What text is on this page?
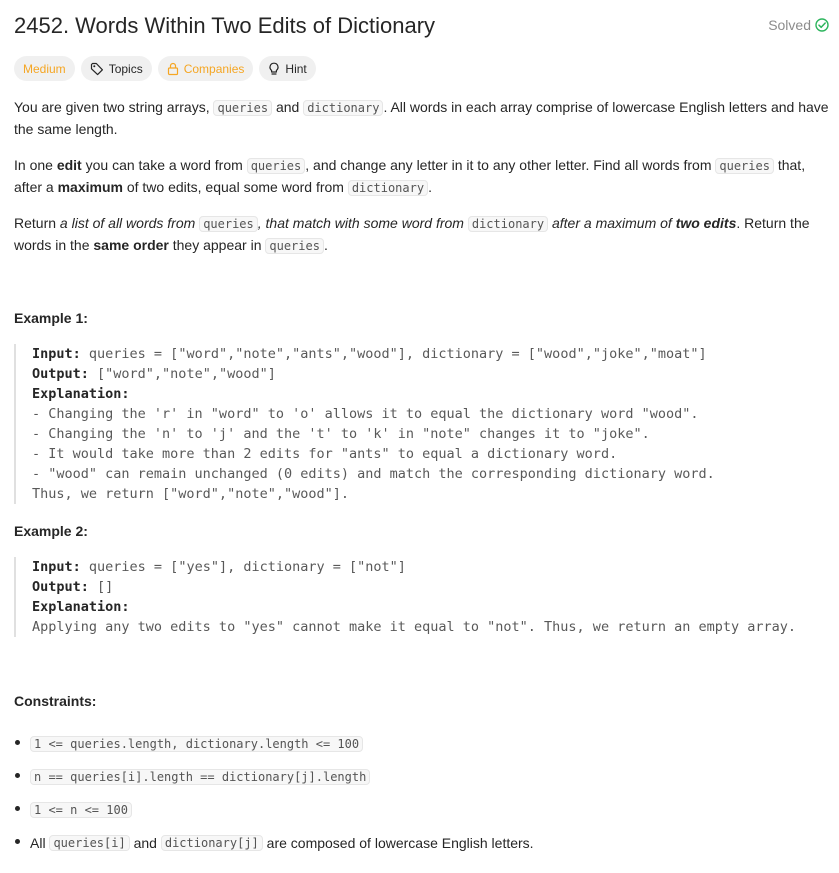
2452. Words Within Two Edits of Dictionary	Solved
Medium	Topics	Companies	Hint
You are given two string arrays, queries and dictionary . All words in each array comprise of lowercase English letters and have the same length.
In one edit you can take a word from queries , and change any letter in it to any other letter. Find all words from queries that, after a maximum of two edits, equal some word from dictionary .
Return a list of all words from queries , that match with some word from dictionary after a maximum of two edits. Return the words in the same order they appear in queries .
Example 1:
Input: queries = ["word","note","ants","wood"], dictionary = ["wood","joke","moat"]
Output: ["word","note","wood"]
Explanation:
- Changing the 'r' in "word" to 'o' allows it to equal the dictionary word "wood".
- Changing the 'n' to 'j' and the 't' to 'k' in "note" changes it to "joke".
- It would take more than 2 edits for "ants" to equal a dictionary word.
- "wood" can remain unchanged (0 edits) and match the corresponding dictionary word.
Thus, we return ["word","note","wood"].
Example 2:
Input: queries = ["yes"], dictionary = ["not"]
Output: []
Explanation:
Applying any two edits to "yes" cannot make it equal to "not". Thus, we return an empty array.
Constraints:
1 <= queries.length, dictionary.length <= 100
n == queries[i].length == dictionary[j].length
1 <= n <= 100
All
queries[i]
and
dictionary[j]
are composed of lowercase English letters.
